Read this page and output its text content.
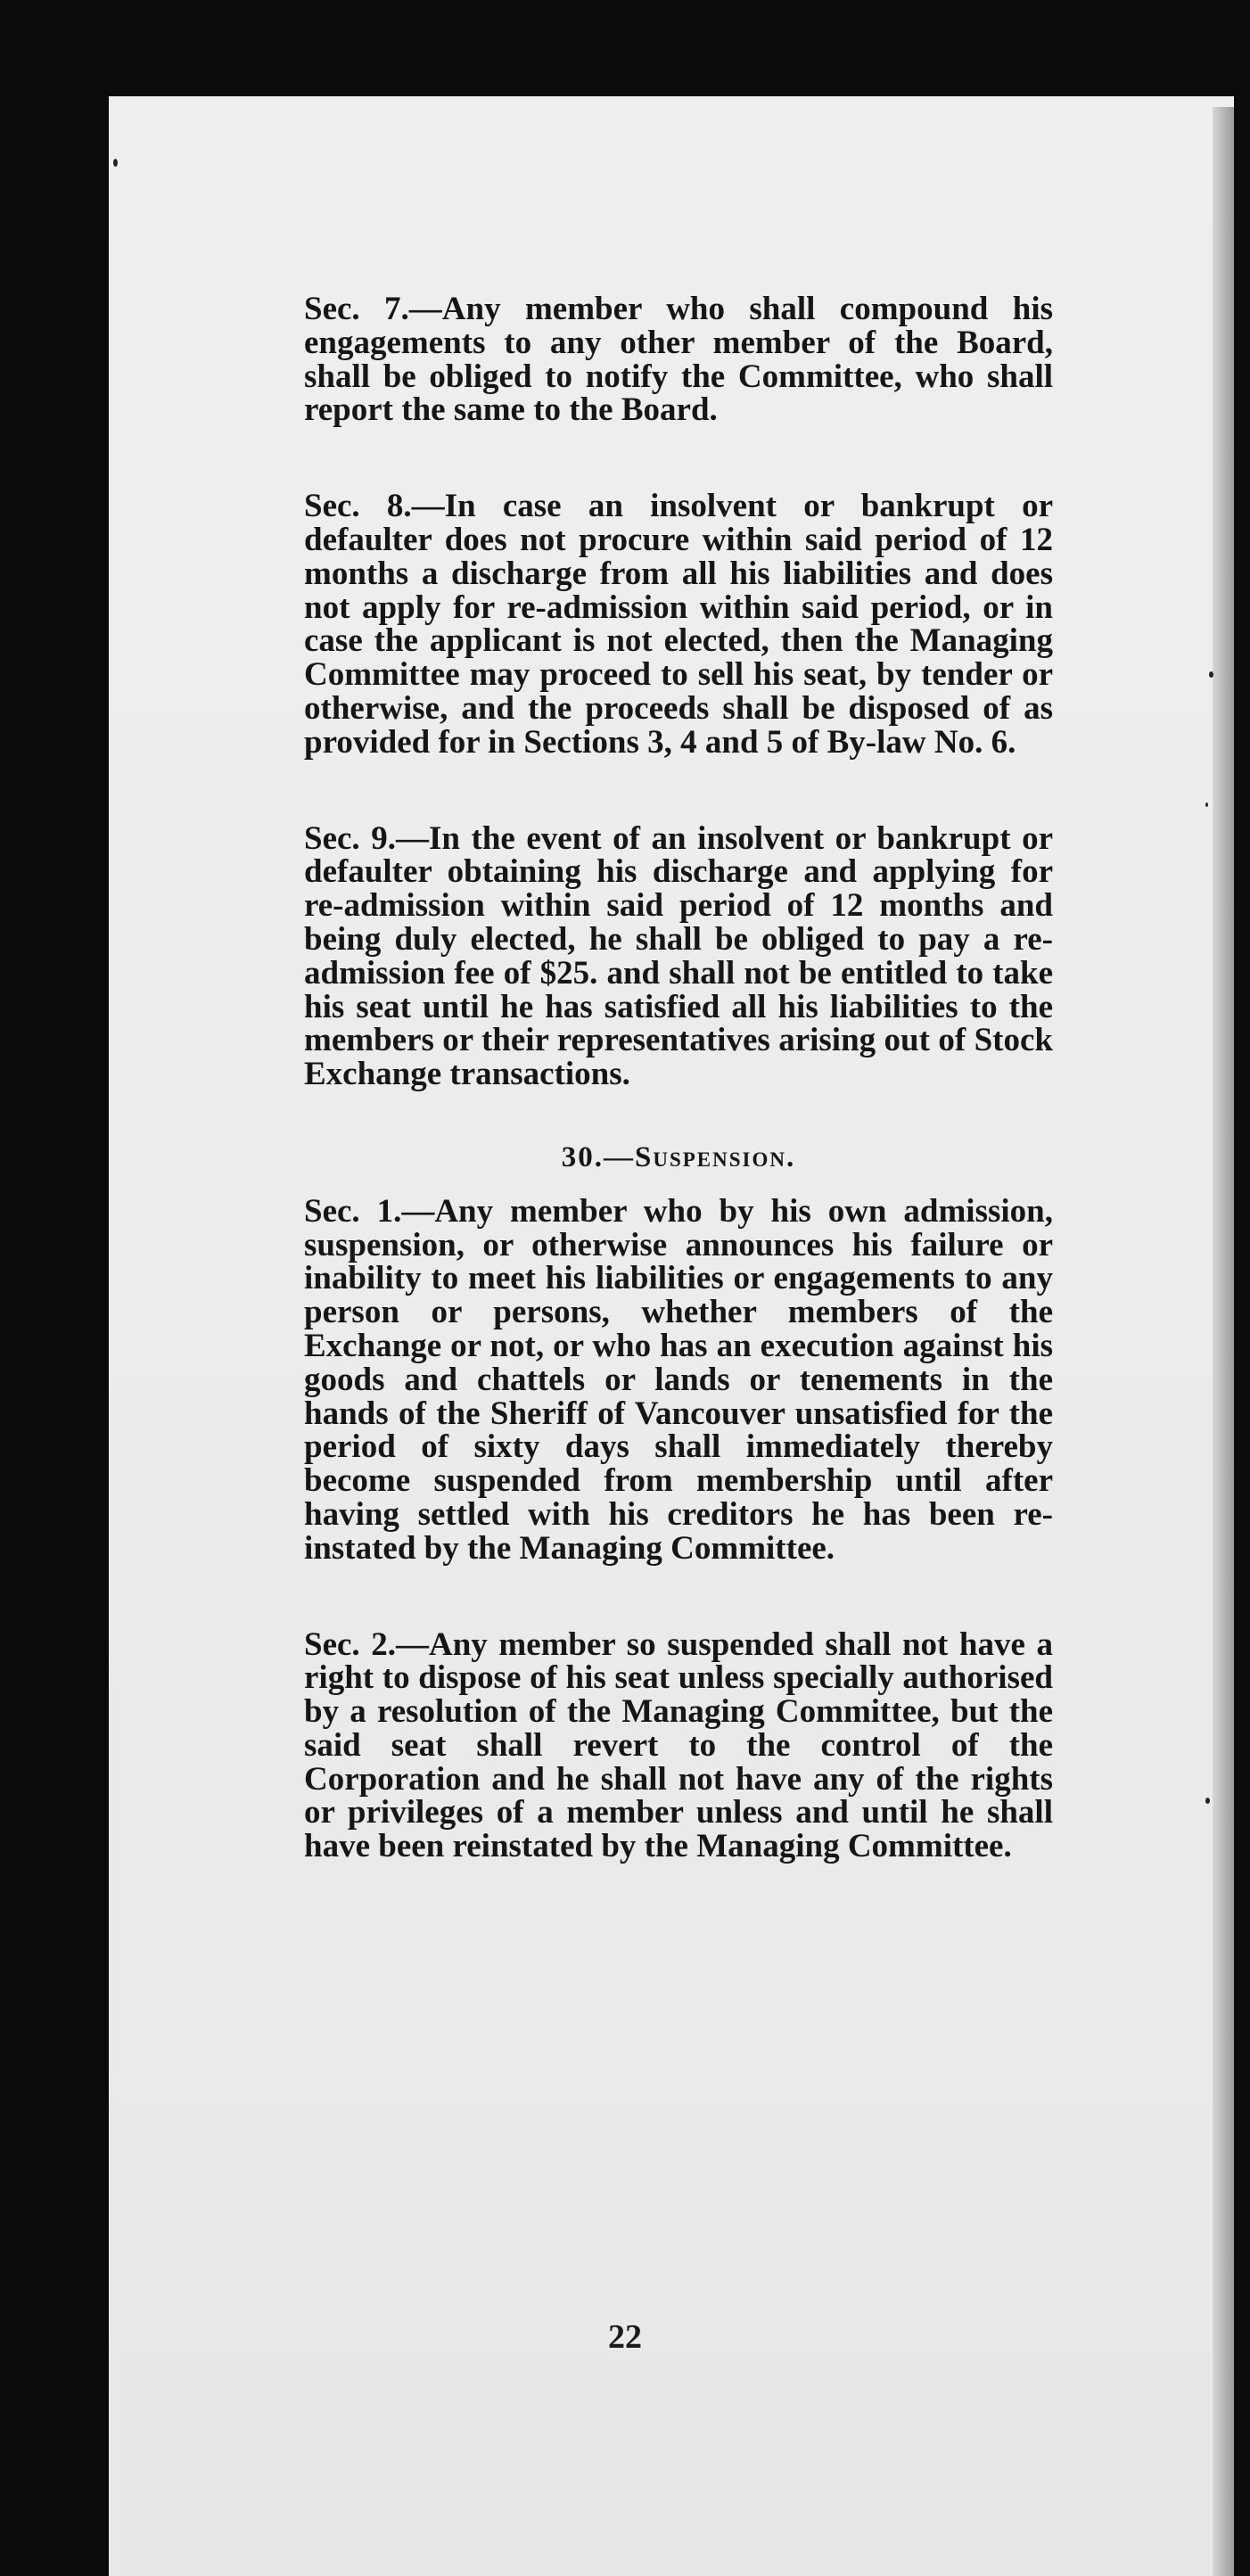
Sec. 7.—Any member who shall compound his engagements to any other member of the Board, shall be obliged to notify the Committee, who shall report the same to the Board.

Sec. 8.—In case an insolvent or bankrupt or defaulter does not procure within said period of 12 months a discharge from all his liabilities and does not apply for re-admission within said period, or in case the applicant is not elected, then the Managing Committee may proceed to sell his seat, by tender or otherwise, and the proceeds shall be disposed of as provided for in Sections 3, 4 and 5 of By-law No. 6.

Sec. 9.—In the event of an insolvent or bankrupt or defaulter obtaining his discharge and applying for re-admission within said period of 12 months and being duly elected, he shall be obliged to pay a re-admission fee of $25. and shall not be entitled to take his seat until he has satisfied all his liabilities to the members or their representatives arising out of Stock Exchange transactions.

30.—Suspension.

Sec. 1.—Any member who by his own admission, suspension, or otherwise announces his failure or inability to meet his liabilities or engagements to any person or persons, whether members of the Exchange or not, or who has an execution against his goods and chattels or lands or tenements in the hands of the Sheriff of Vancouver unsatisfied for the period of sixty days shall immediately thereby become suspended from membership until after having settled with his creditors he has been re-instated by the Managing Committee.

Sec. 2.—Any member so suspended shall not have a right to dispose of his seat unless specially authorised by a resolution of the Managing Committee, but the said seat shall revert to the control of the Corporation and he shall not have any of the rights or privileges of a member unless and until he shall have been reinstated by the Managing Committee.

22
